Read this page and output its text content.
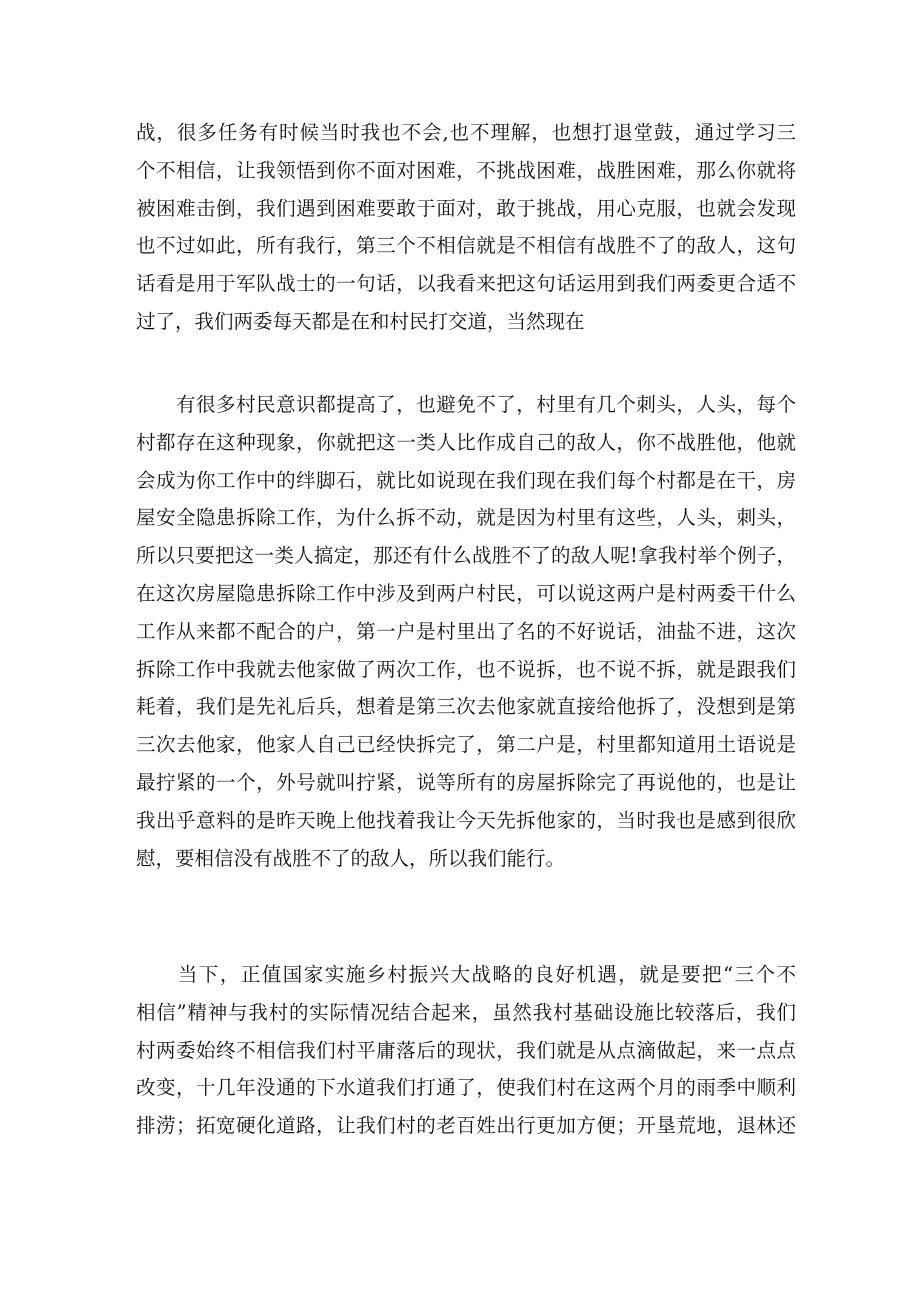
战，很多任务有时候当时我也不会,也不理解，也想打退堂鼓，通过学习三
个不相信，让我领悟到你不面对困难，不挑战困难，战胜困难，那么你就将
被困难击倒，我们遇到困难要敢于面对，敢于挑战，用心克服，也就会发现
也不过如此，所有我行，第三个不相信就是不相信有战胜不了的敌人，这句
话看是用于军队战士的一句话，以我看来把这句话运用到我们两委更合适不
过了，我们两委每天都是在和村民打交道，当然现在
　　有很多村民意识都提高了，也避免不了，村里有几个刺头，人头，每个
村都存在这种现象，你就把这一类人比作成自己的敌人，你不战胜他，他就
会成为你工作中的绊脚石，就比如说现在我们现在我们每个村都是在干，房
屋安全隐患拆除工作，为什么拆不动，就是因为村里有这些，人头，刺头，
所以只要把这一类人搞定，那还有什么战胜不了的敌人呢!拿我村举个例子，
在这次房屋隐患拆除工作中涉及到两户村民，可以说这两户是村两委干什么
工作从来都不配合的户，第一户是村里出了名的不好说话，油盐不进，这次
拆除工作中我就去他家做了两次工作，也不说拆，也不说不拆，就是跟我们
耗着，我们是先礼后兵，想着是第三次去他家就直接给他拆了，没想到是第
三次去他家，他家人自己已经快拆完了，第二户是，村里都知道用土语说是
最拧紧的一个，外号就叫拧紧，说等所有的房屋拆除完了再说他的，也是让
我出乎意料的是昨天晚上他找着我让今天先拆他家的，当时我也是感到很欣
慰，要相信没有战胜不了的敌人，所以我们能行。
　　当下，正值国家实施乡村振兴大战略的良好机遇，就是要把“三个不
相信”精神与我村的实际情况结合起来，虽然我村基础设施比较落后，我们
村两委始终不相信我们村平庸落后的现状，我们就是从点滴做起，来一点点
改变，十几年没通的下水道我们打通了，使我们村在这两个月的雨季中顺利
排涝；拓宽硬化道路，让我们村的老百姓出行更加方便；开垦荒地，退林还
